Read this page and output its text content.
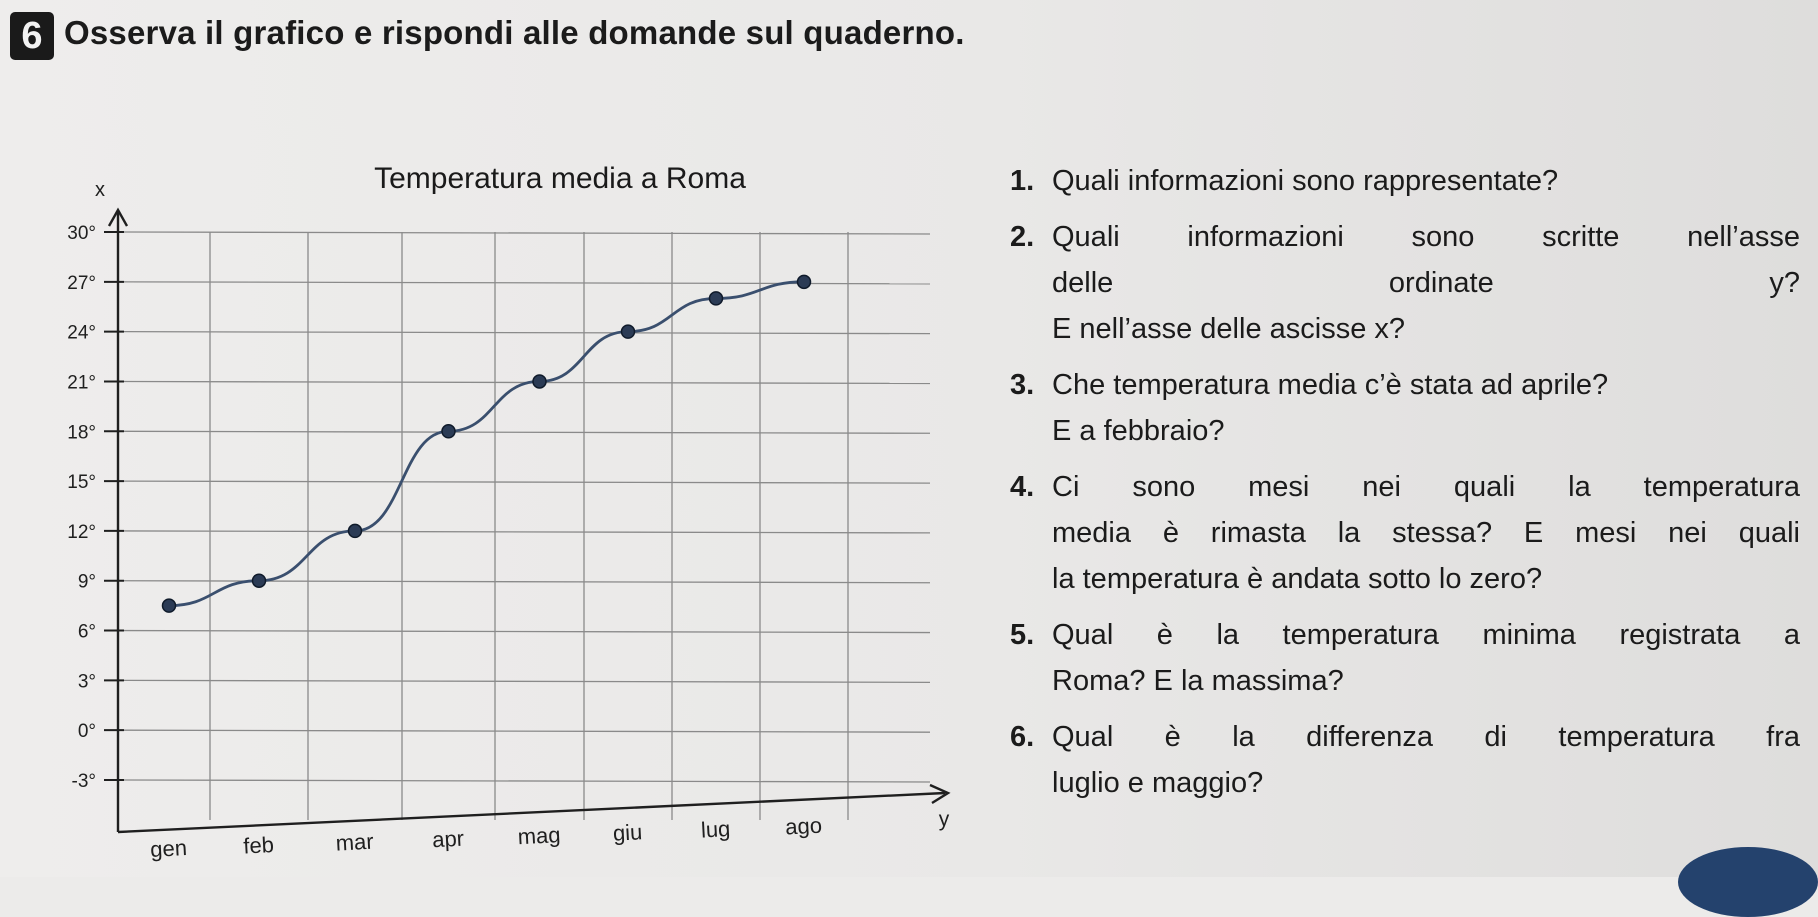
6 Osserva il grafico e rispondi alle domande sul quaderno.
30°
27°
24°
21°
18°
15°
12°
9°
6°
3°
0°
-3°
Temperatura media a Roma
x
y
gen	feb	mar	apr mag giu	lug ago
1. Quali informazioni sono rappresentate?
2. Quali informazioni sono scritte nell’asse
delle ordinate y?
E nell’asse delle ascisse x?
3. Che temperatura media c’è stata ad aprile?
E a febbraio?
4. Ci sono mesi nei quali la temperatura
media è rimasta la stessa? E mesi nei quali
la temperatura è andata sotto lo zero?
5. Qual è la temperatura minima registrata a
Roma? E la massima?
6. Qual è la differenza di temperatura fra
luglio e maggio?
